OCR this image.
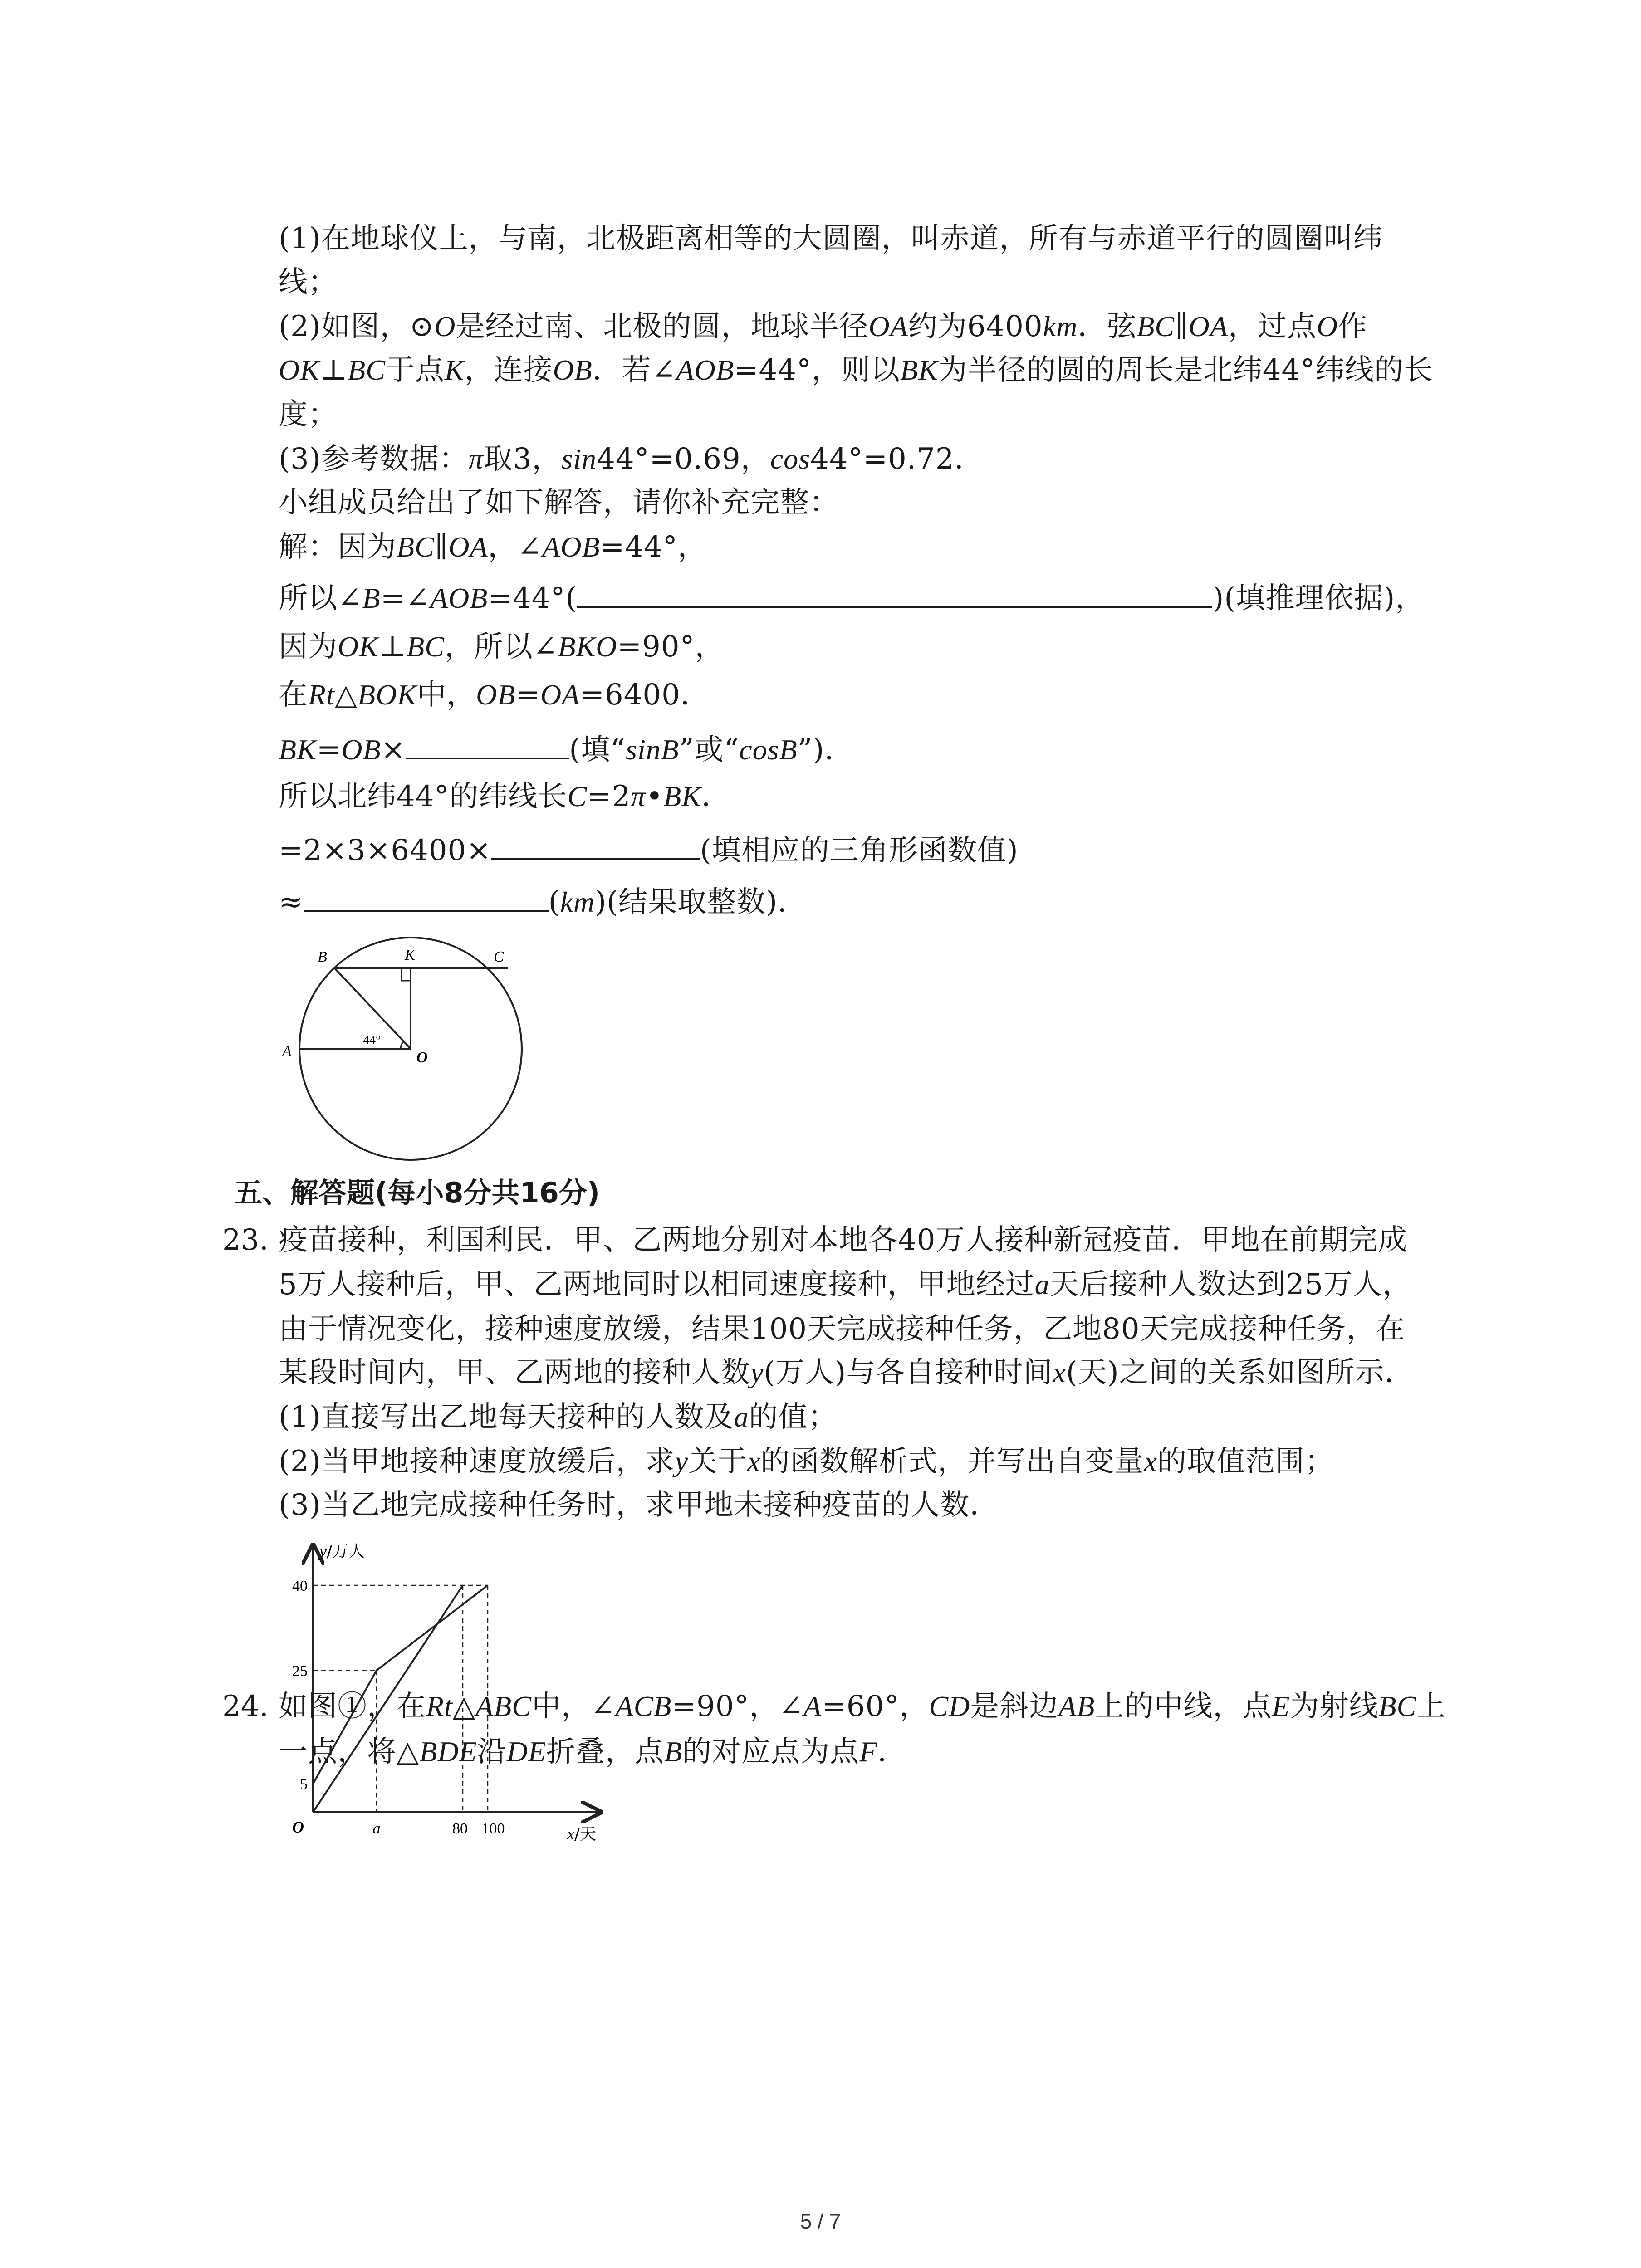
(1)在地球仪上，与南，北极距离相等的大圆圈，叫赤道，所有与赤道平行的圆圈叫纬
线；
(2)如图，⊙O是经过南、北极的圆，地球半径OA约为6400km．弦BC∥OA，过点O作
OK⊥BC于点K，连接OB．若∠AOB=44°，则以BK为半径的圆的周长是北纬44°纬线的长
度；
(3)参考数据：π取3，sin44°=0.69，cos44°=0.72．
小组成员给出了如下解答，请你补充完整：
解：因为BC∥OA，∠AOB=44°，
所以∠B=∠AOB=44°(	)(填推理依据)，
因为OK⊥BC，所以∠BKO=90°，
在Rt△BOK中，OB=OA=6400．
BK=OB×	(填“sinB”或“cosB”)．
所以北纬44°的纬线长C=2π•BK．
=2×3×6400×	(填相应的三角形函数值)
≈	(km)(结果取整数)．
B	K	C
A	O
44°
五、解答题(每小8分共16分)
23. 疫苗接种，利国利民．甲、乙两地分别对本地各40万人接种新冠疫苗．甲地在前期完成
5万人接种后，甲、乙两地同时以相同速度接种，甲地经过a天后接种人数达到25万人，
由于情况变化，接种速度放缓，结果100天完成接种任务，乙地80天完成接种任务，在
某段时间内，甲、乙两地的接种人数y(万人)与各自接种时间x(天)之间的关系如图所示．
(1)直接写出乙地每天接种的人数及a的值；
(2)当甲地接种速度放缓后，求y关于x的函数解析式，并写出自变量x的取值范围；
(3)当乙地完成接种任务时，求甲地未接种疫苗的人数．
y/万人
x/天
O
5
25
40
a	80 100
24. 如图①，在Rt△ABC中，∠ACB=90°，∠A=60°，CD是斜边AB上的中线，点E为射线BC上
一点，将△BDE沿DE折叠，点B的对应点为点F．
5 / 7
